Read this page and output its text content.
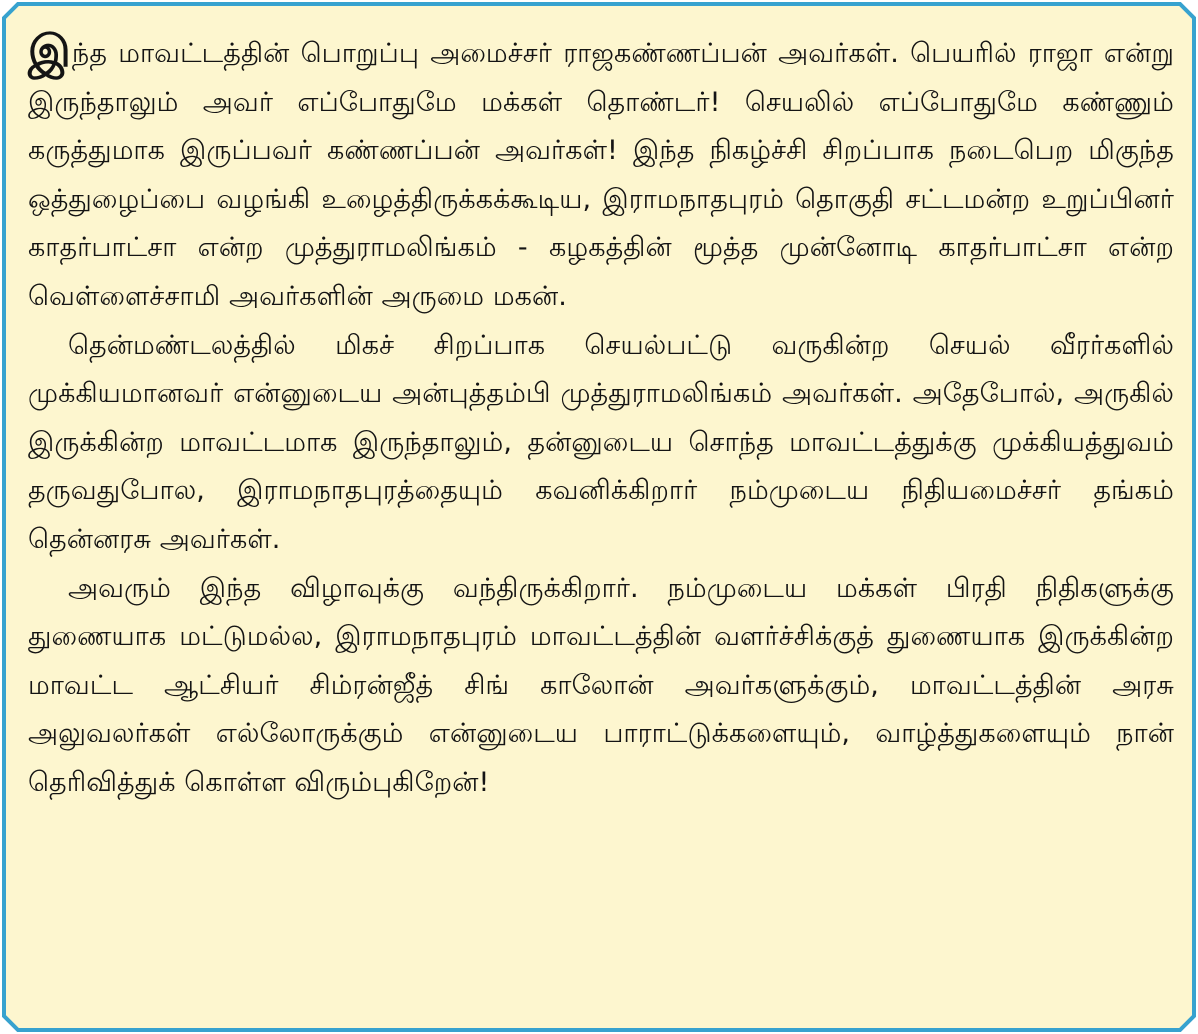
இந்த மாவட்டத்தின் பொறுப்பு அமைச்சர் ராஜகண்ணப்பன் அவர்கள். பெயரில் ராஜா என்று இருந்தாலும் அவர் எப்போதுமே மக்கள் தொண்டர்! செயலில் எப்போதுமே கண்ணும் கருத்துமாக இருப்பவர் கண்ணப்பன் அவர்கள்! இந்த நிகழ்ச்சி சிறப்பாக நடைபெற மிகுந்த ஒத்துழைப்பை வழங்கி உழைத்திருக்கக்கூடிய, இராமநாதபுரம் தொகுதி சட்டமன்ற உறுப்பினர் காதர்பாட்சா என்ற முத்துராமலிங்கம் - கழகத்தின் மூத்த முன்னோடி காதர்பாட்சா என்ற வெள்ளைச்சாமி அவர்களின் அருமை மகன்.

தென்மண்டலத்தில் மிகச் சிறப்பாக செயல்பட்டு வருகின்ற செயல் வீரர்களில் முக்கியமானவர் என்னுடைய அன்புத்தம்பி முத்துராமலிங்கம் அவர்கள். அதேபோல், அருகில் இருக்கின்ற மாவட்டமாக இருந்தாலும், தன்னுடைய சொந்த மாவட்டத்துக்கு முக்கியத்துவம் தருவதுபோல, இராமநாதபுரத்தையும் கவனிக்கிறார் நம்முடைய நிதியமைச்சர் தங்கம் தென்னரசு அவர்கள்.

அவரும் இந்த விழாவுக்கு வந்திருக்கிறார். நம்முடைய மக்கள் பிரதி நிதிகளுக்கு துணையாக மட்டுமல்ல, இராமநாதபுரம் மாவட்டத்தின் வளர்ச்சிக்குத் துணையாக இருக்கின்ற மாவட்ட ஆட்சியர் சிம்ரன்ஜீத் சிங் காலோன் அவர்களுக்கும், மாவட்டத்தின் அரசு அலுவலர்கள் எல்லோருக்கும் என்னுடைய பாராட்டுக்களையும், வாழ்த்துகளையும் நான் தெரிவித்துக் கொள்ள விரும்புகிறேன்!
